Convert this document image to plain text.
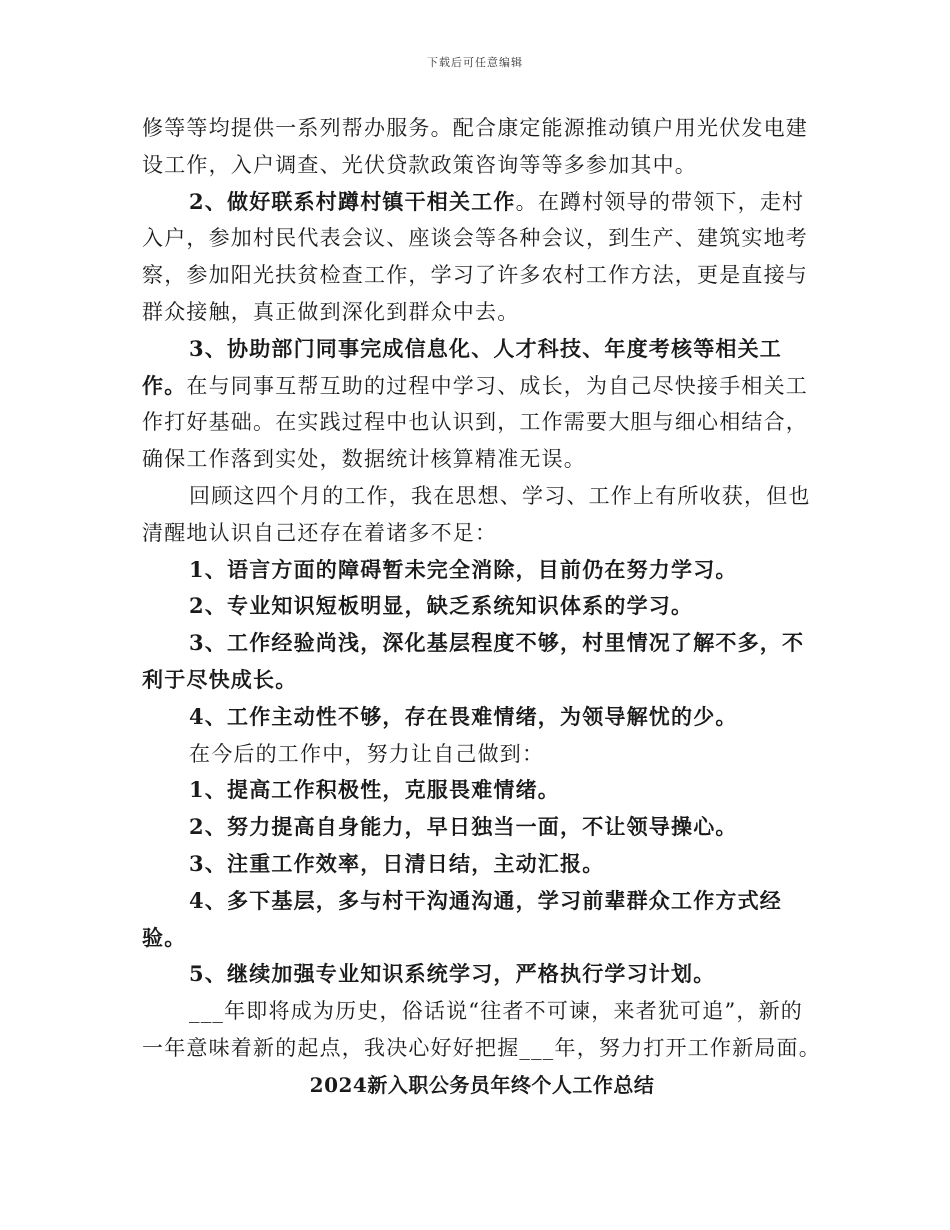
下载后可任意编辑

修等等均提供一系列帮办服务。配合康定能源推动镇户用光伏发电建设工作，入户调查、光伏贷款政策咨询等等多参加其中。

2、做好联系村蹲村镇干相关工作。在蹲村领导的带领下，走村入户，参加村民代表会议、座谈会等各种会议，到生产、建筑实地考察，参加阳光扶贫检查工作，学习了许多农村工作方法，更是直接与群众接触，真正做到深化到群众中去。

3、协助部门同事完成信息化、人才科技、年度考核等相关工作。在与同事互帮互助的过程中学习、成长，为自己尽快接手相关工作打好基础。在实践过程中也认识到，工作需要大胆与细心相结合，确保工作落到实处，数据统计核算精准无误。

回顾这四个月的工作，我在思想、学习、工作上有所收获，但也清醒地认识自己还存在着诸多不足：

1、语言方面的障碍暂未完全消除，目前仍在努力学习。

2、专业知识短板明显，缺乏系统知识体系的学习。

3、工作经验尚浅，深化基层程度不够，村里情况了解不多，不利于尽快成长。

4、工作主动性不够，存在畏难情绪，为领导解忧的少。

在今后的工作中，努力让自己做到：

1、提高工作积极性，克服畏难情绪。

2、努力提高自身能力，早日独当一面，不让领导操心。

3、注重工作效率，日清日结，主动汇报。

4、多下基层，多与村干沟通沟通，学习前辈群众工作方式经验。

5、继续加强专业知识系统学习，严格执行学习计划。

___年即将成为历史，俗话说“往者不可谏，来者犹可追”，新的一年意味着新的起点，我决心好好把握___年，努力打开工作新局面。

2024新入职公务员年终个人工作总结
